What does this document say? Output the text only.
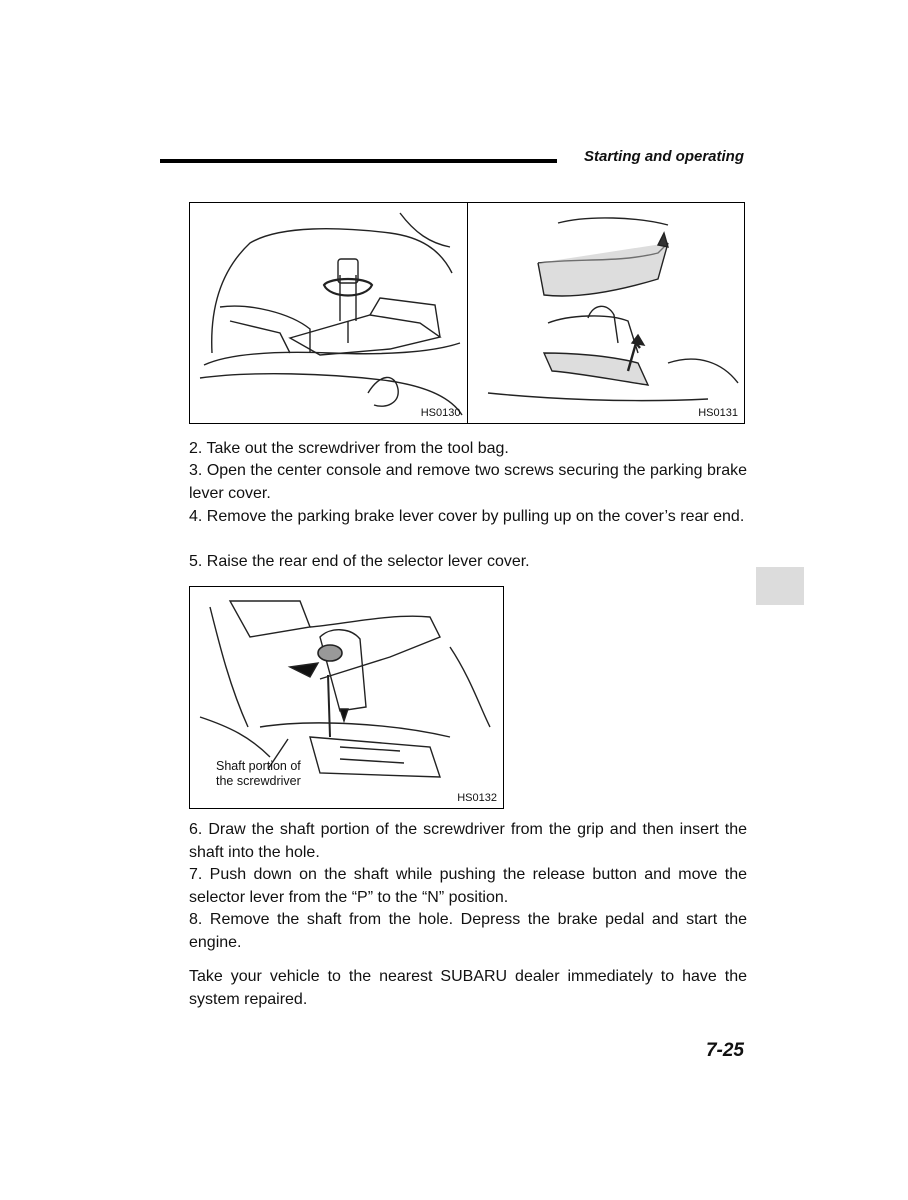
Starting and operating
HS0130	HS0131

2. Take out the screwdriver from the tool bag.

3. Open the center console and remove two screws securing the parking brake lever cover.

4. Remove the parking brake lever cover by pulling up on the cover’s rear end.

5. Raise the rear end of the selector lever cover.

Shaft portion of
the screwdriver
HS0132

6. Draw the shaft portion of the screwdriver from the grip and then insert the shaft into the hole.

7. Push down on the shaft while pushing the release button and move the selector lever from the “P” to the “N” position.

8. Remove the shaft from the hole. Depress the brake pedal and start the engine.

Take your vehicle to the nearest SUBARU dealer immediately to have the system repaired.

7-25
